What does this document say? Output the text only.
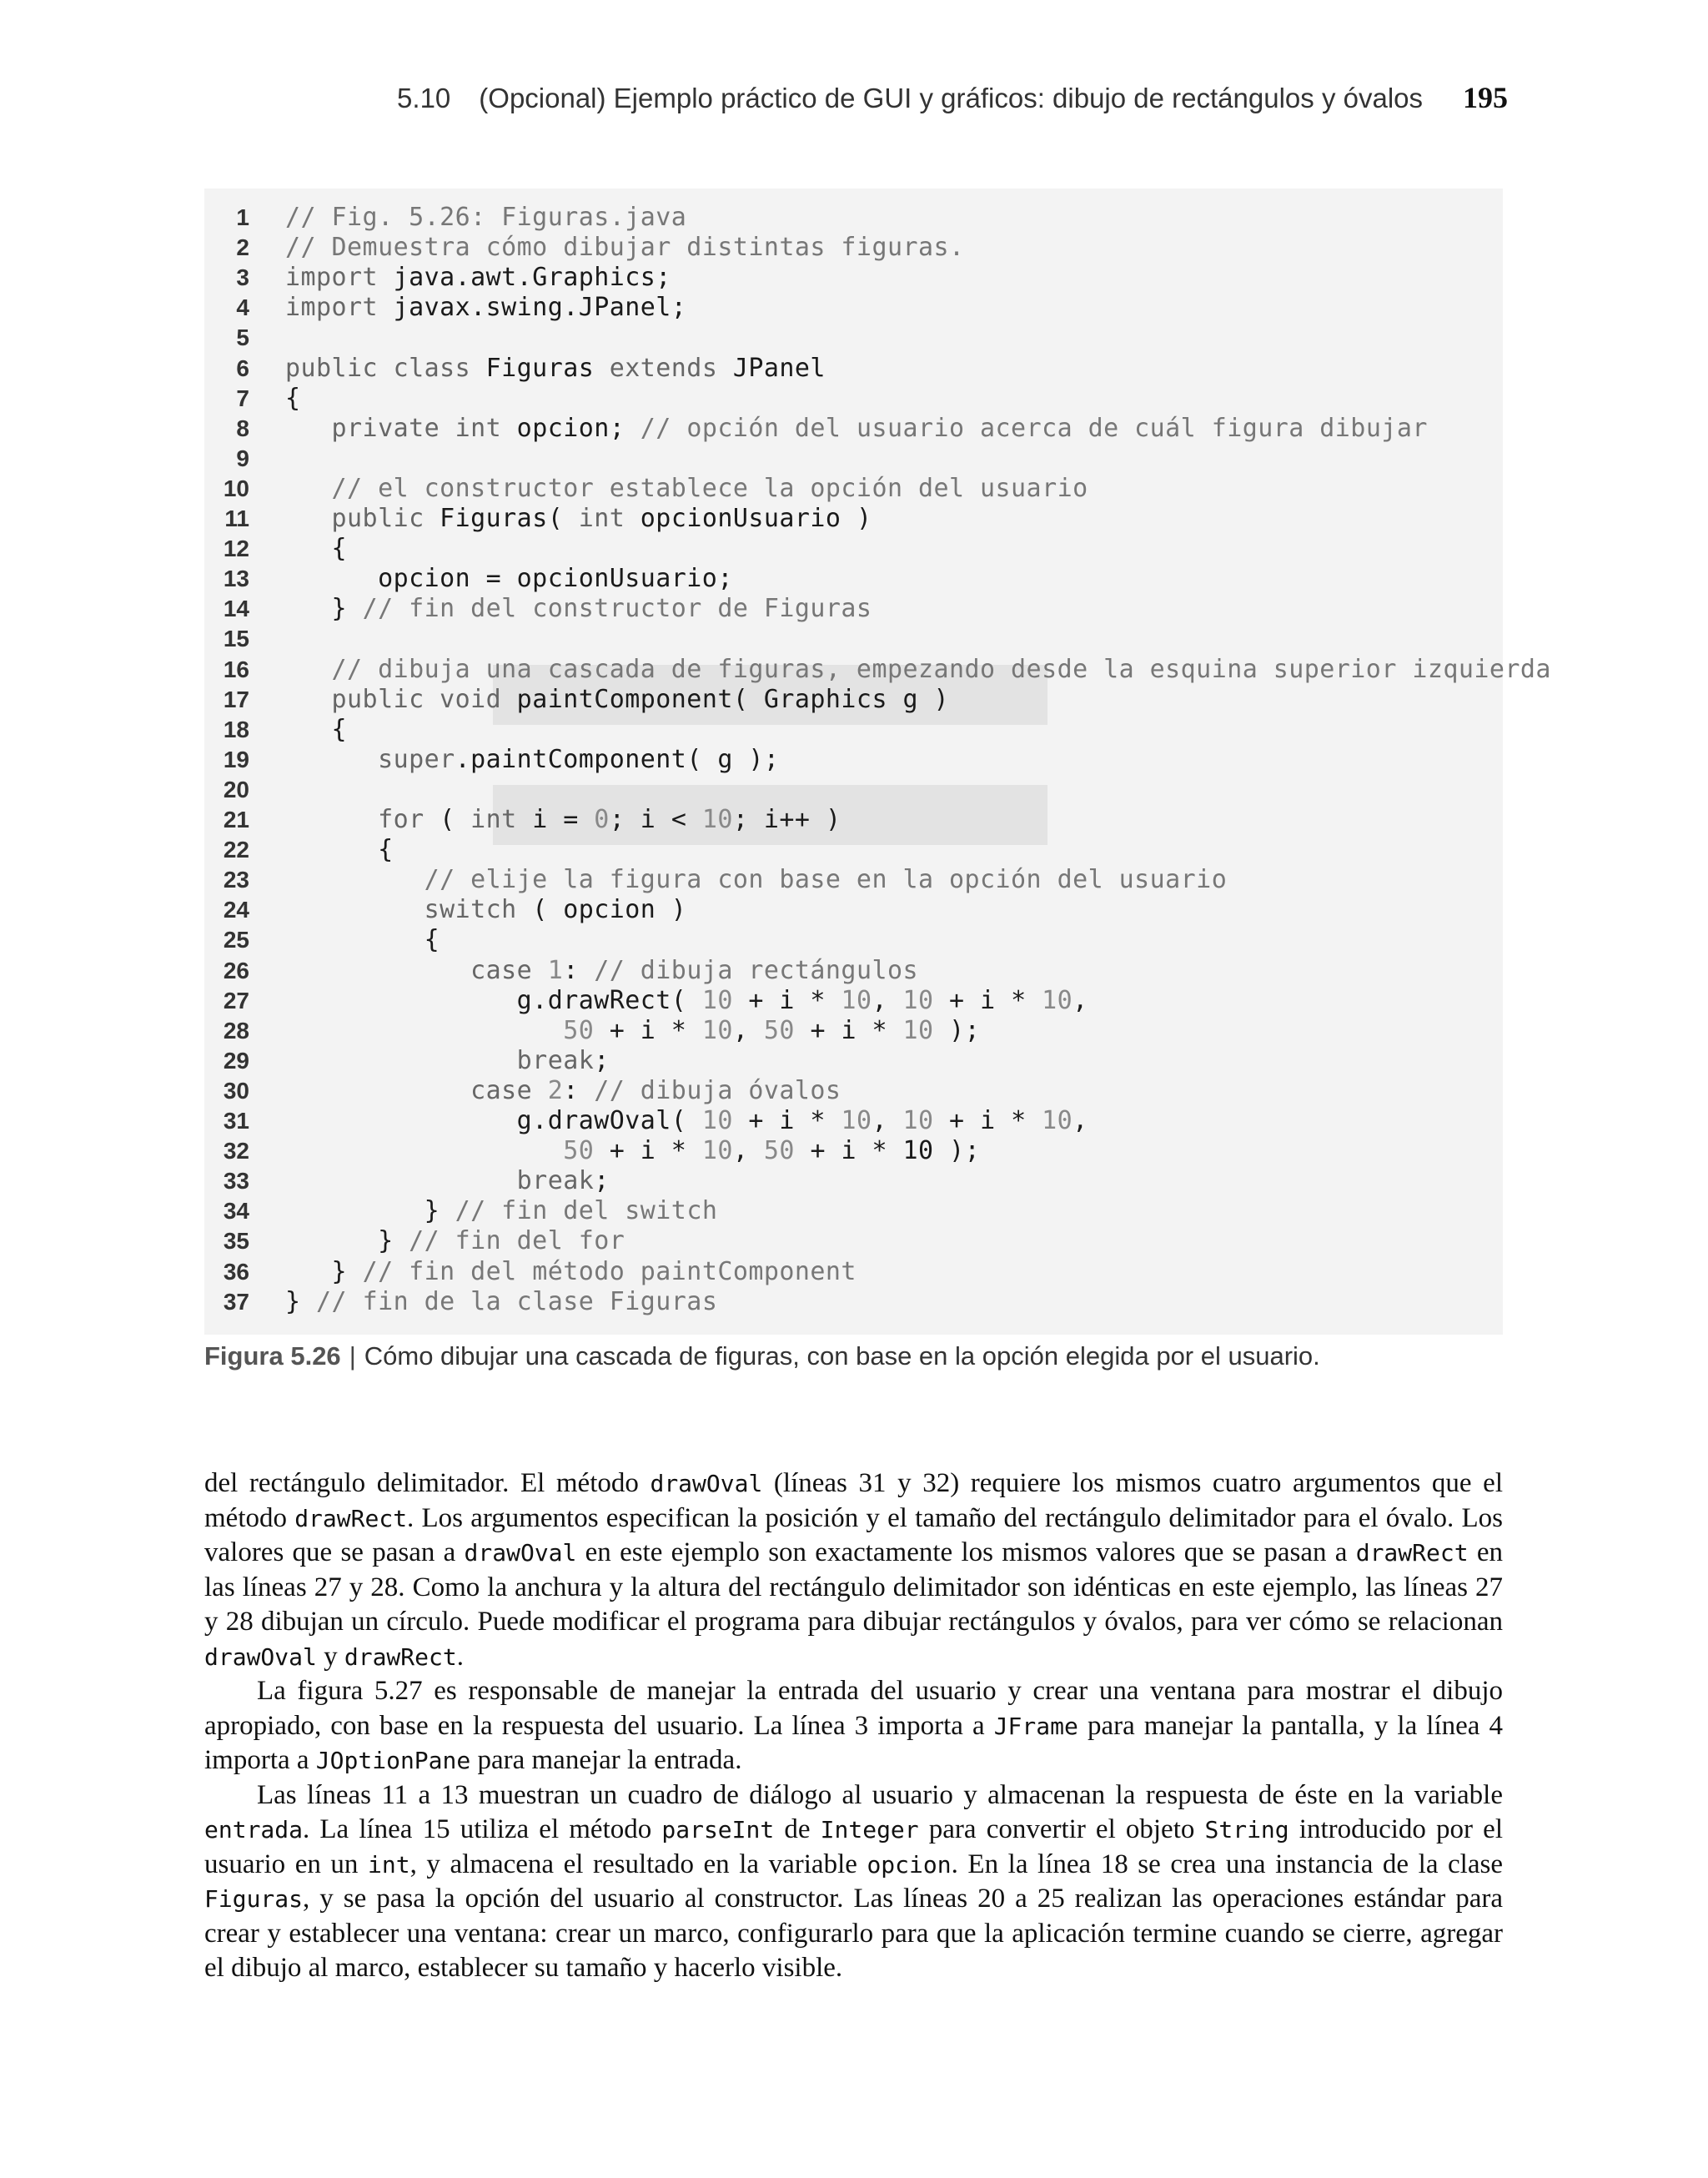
5.10 (Opcional) Ejemplo práctico de GUI y gráficos: dibujo de rectángulos y óvalos 195
1 // Fig. 5.26: Figuras.java
2 // Demuestra cómo dibujar distintas figuras.
3 import java.awt.Graphics;
4 import javax.swing.JPanel;
5
6 public class Figuras extends JPanel
7 {
8 private int opcion; // opción del usuario acerca de cuál figura dibujar
9
10 // el constructor establece la opción del usuario
11 public Figuras( int opcionUsuario )
12 {
13 opcion = opcionUsuario;
14 } // fin del constructor de Figuras
15
16 // dibuja una cascada de figuras, empezando desde la esquina superior izquierda
17 public void paintComponent( Graphics g )
18 {
19 super.paintComponent( g );
20
21 for ( int i = 0; i < 10; i++ )
22 {
23 // elije la figura con base en la opción del usuario
24 switch ( opcion )
25 {
26 case 1: // dibuja rectángulos
27 g.drawRect( 10 + i * 10, 10 + i * 10,
28	50 + i * 10, 50 + i * 10 );
29 break;
30 case 2: // dibuja óvalos
31 g.drawOval( 10 + i * 10, 10 + i * 10,
32	50 + i * 10, 50 + i * 10 );
33 break;
34 } // fin del switch
35 } // fin del for
36 } // fin del método paintComponent
37 } // fin de la clase Figuras
Figura 5.26 | Cómo dibujar una cascada de figuras, con base en la opción elegida por el usuario.

del rectángulo delimitador. El método drawOval (líneas 31 y 32) requiere los mismos cuatro argumentos que el método drawRect. Los argumentos especifican la posición y el tamaño del rectángulo delimitador para el óvalo. Los valores que se pasan a drawOval en este ejemplo son exactamente los mismos valores que se pasan a drawRect en las líneas 27 y 28. Como la anchura y la altura del rectángulo delimitador son idénticas en este ejemplo, las líneas 27 y 28 dibujan un círculo. Puede modificar el programa para dibujar rectángulos y óvalos, para ver cómo se relacionan drawOval y drawRect.

La figura 5.27 es responsable de manejar la entrada del usuario y crear una ventana para mostrar el dibujo apropiado, con base en la respuesta del usuario. La línea 3 importa a JFrame para manejar la pantalla, y la línea 4 importa a JOptionPane para manejar la entrada.

Las líneas 11 a 13 muestran un cuadro de diálogo al usuario y almacenan la respuesta de éste en la variable entrada. La línea 15 utiliza el método parseInt de Integer para convertir el objeto String introducido por el usuario en un int, y almacena el resultado en la variable opcion. En la línea 18 se crea una instancia de la clase Figuras, y se pasa la opción del usuario al constructor. Las líneas 20 a 25 realizan las operaciones estándar para crear y establecer una ventana: crear un marco, configurarlo para que la aplicación termine cuando se cierre, agregar el dibujo al marco, establecer su tamaño y hacerlo visible.
